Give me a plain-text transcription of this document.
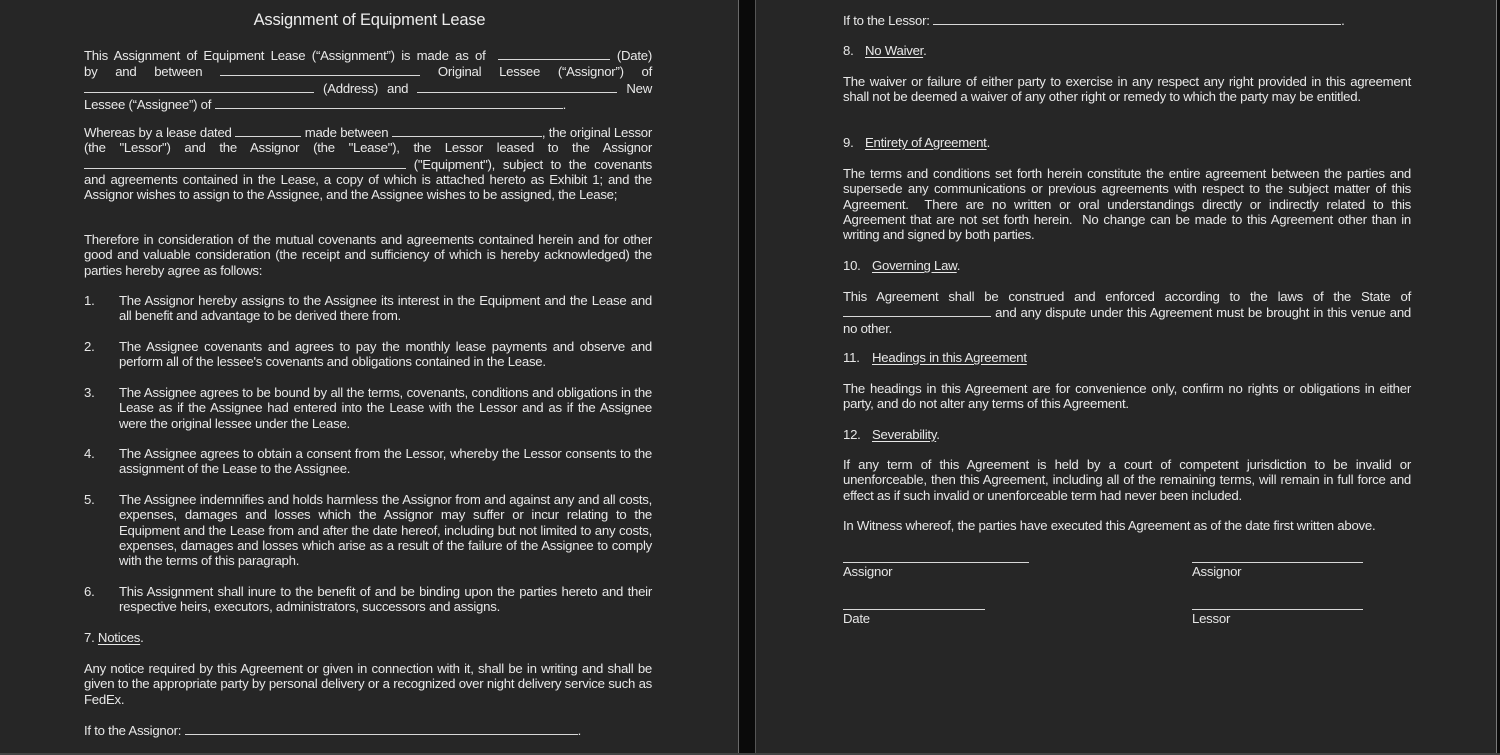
Assignment of Equipment Lease

This Assignment of Equipment Lease (“Assignment”) is made as of	(Date)

by and between	Original Lessee (“Assignor”) of

(Address) and	New

Lessee (“Assignee”) of	.

Whereas by a lease dated	made between	, the original Lessor (the "Lessor") and the Assignor (the "Lease"), the Lessor leased to the Assignor  ("Equipment"), subject to the covenants and agreements contained in the Lease, a copy of which is attached hereto as Exhibit 1; and the Assignor wishes to assign to the Assignee, and the Assignee wishes to be assigned, the Lease;

Therefore in consideration of the mutual covenants and agreements contained herein and for other good and valuable consideration (the receipt and sufficiency of which is hereby acknowledged) the parties hereby agree as follows:

1.	The Assignor hereby assigns to the Assignee its interest in the Equipment and the Lease and all benefit and advantage to be derived there from.
2.	The Assignee covenants and agrees to pay the monthly lease payments and observe and perform all of the lessee's covenants and obligations contained in the Lease.
3.	The Assignee agrees to be bound by all the terms, covenants, conditions and obligations in the Lease as if the Assignee had entered into the Lease with the Lessor and as if the Assignee were the original lessee under the Lease.
4.	The Assignee agrees to obtain a consent from the Lessor, whereby the Lessor consents to the assignment of the Lease to the Assignee.
5.	The Assignee indemnifies and holds harmless the Assignor from and against any and all costs, expenses, damages and losses which the Assignor may suffer or incur relating to the Equipment and the Lease from and after the date hereof, including but not limited to any costs, expenses, damages and losses which arise as a result of the failure of the Assignee to comply with the terms of this paragraph.
6.	This Assignment shall inure to the benefit of and be binding upon the parties hereto and their respective heirs, executors, administrators, successors and assigns.
7. Notices.

Any notice required by this Agreement or given in connection with it, shall be in writing and shall be given to the appropriate party by personal delivery or a recognized over night delivery service such as FedEx.

If to the Assignor:	.
If to the Lessor:	.
8. No Waiver.

The waiver or failure of either party to exercise in any respect any right provided in this agreement shall not be deemed a waiver of any other right or remedy to which the party may be entitled.

9. Entirety of Agreement.

The terms and conditions set forth herein constitute the entire agreement between the parties and supersede any communications or previous agreements with respect to the subject matter of this Agreement.  There are no written or oral understandings directly or indirectly related to this Agreement that are not set forth herein.  No change can be made to this Agreement other than in writing and signed by both parties.

10. Governing Law.

This Agreement shall be construed and enforced according to the laws of the State of  and any dispute under this Agreement must be brought in this venue and no other.

11. Headings in this Agreement

The headings in this Agreement are for convenience only, confirm no rights or obligations in either party, and do not alter any terms of this Agreement.

12. Severability.

If any term of this Agreement is held by a court of competent jurisdiction to be invalid or unenforceable, then this Agreement, including all of the remaining terms, will remain in full force and effect as if such invalid or unenforceable term had never been included.

In Witness whereof, the parties have executed this Agreement as of the date first written above.

Assignor	Assignor
Date	Lessor
